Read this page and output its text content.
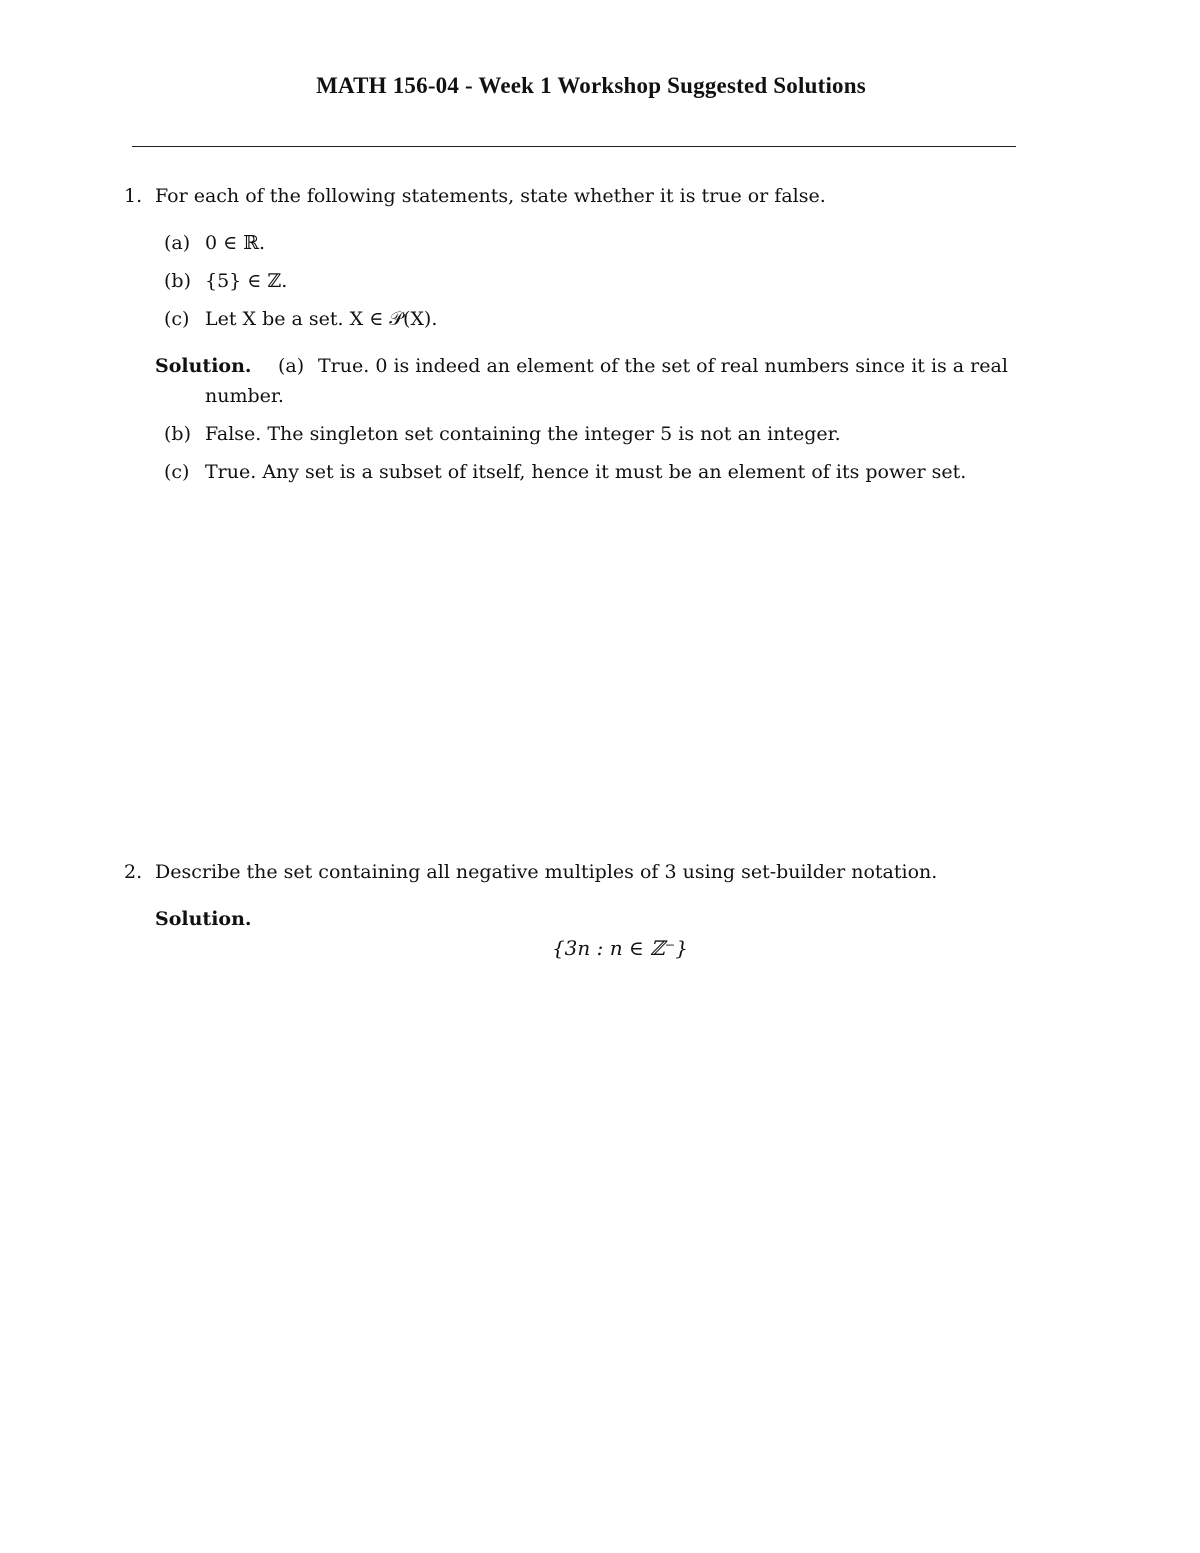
MATH 156-04 - Week 1 Workshop Suggested Solutions
1. For each of the following statements, state whether it is true or false.
(a) 0 ∈ ℝ.
(b) {5} ∈ ℤ.
(c) Let X be a set. X ∈ 𝒫(X).
Solution. (a) True. 0 is indeed an element of the set of real numbers since it is a real
number.
(b) False. The singleton set containing the integer 5 is not an integer.
(c) True. Any set is a subset of itself, hence it must be an element of its power set.
2. Describe the set containing all negative multiples of 3 using set-builder notation.
Solution.
{3n : n ∈ ℤ⁻}
